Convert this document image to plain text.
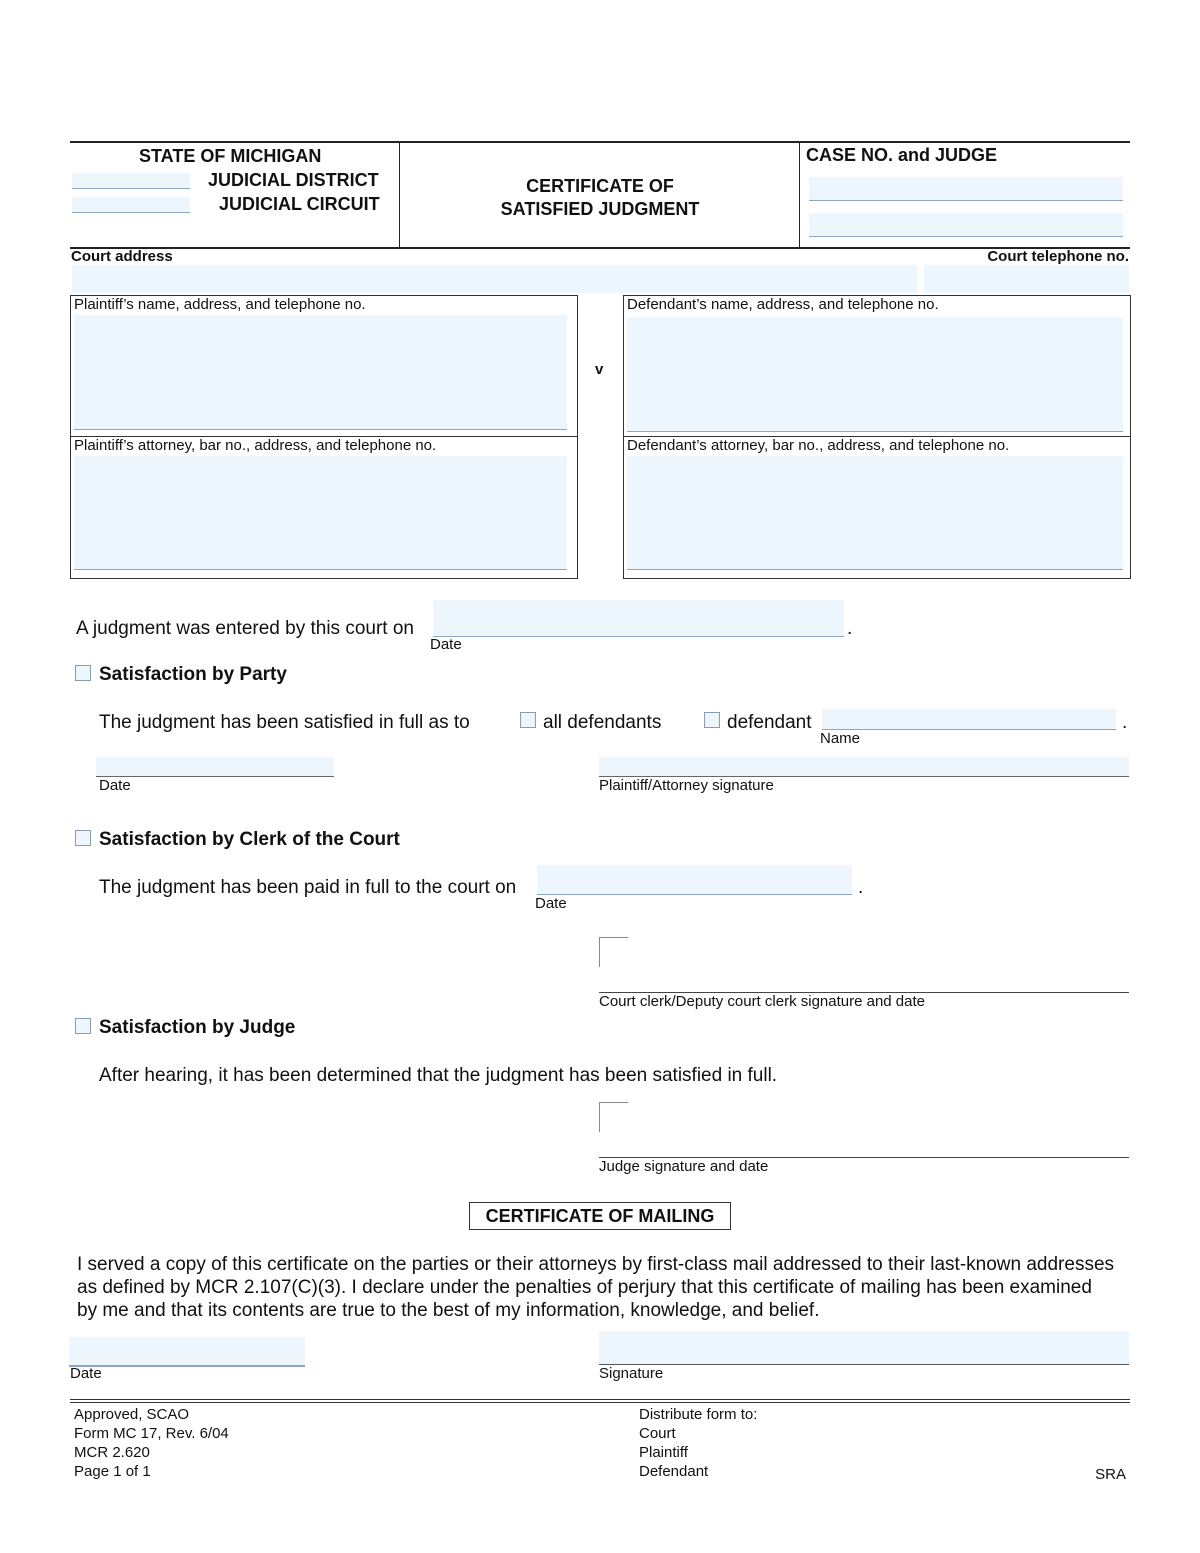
STATE OF MICHIGAN
JUDICIAL DISTRICT
JUDICIAL CIRCUIT
CERTIFICATE OF
SATISFIED JUDGMENT
CASE NO. and JUDGE
Court address	Court telephone no.
Plaintiff’s name, address, and telephone no.
Plaintiff’s attorney, bar no., address, and telephone no.
v
Defendant’s name, address, and telephone no.
Defendant’s attorney, bar no., address, and telephone no.
A judgment was entered by this court on	.
Date
Satisfaction by Party
The judgment has been satisfied in full as to	all defendants	defendant	.
Name
Date	Plaintiff/Attorney signature
Satisfaction by Clerk of the Court
The judgment has been paid in full to the court on	.
Date
Court clerk/Deputy court clerk signature and date
Satisfaction by Judge
After hearing, it has been determined that the judgment has been satisfied in full.
Judge signature and date
CERTIFICATE OF MAILING
I served a copy of this certificate on the parties or their attorneys by first-class mail addressed to their last-known addresses
as defined by MCR 2.107(C)(3). I declare under the penalties of perjury that this certificate of mailing has been examined
by me and that its contents are true to the best of my information, knowledge, and belief.
Date	Signature
Approved, SCAO
Form MC 17, Rev. 6/04
MCR 2.620
Page 1 of 1
Distribute form to:
Court
Plaintiff
Defendant	SRA
